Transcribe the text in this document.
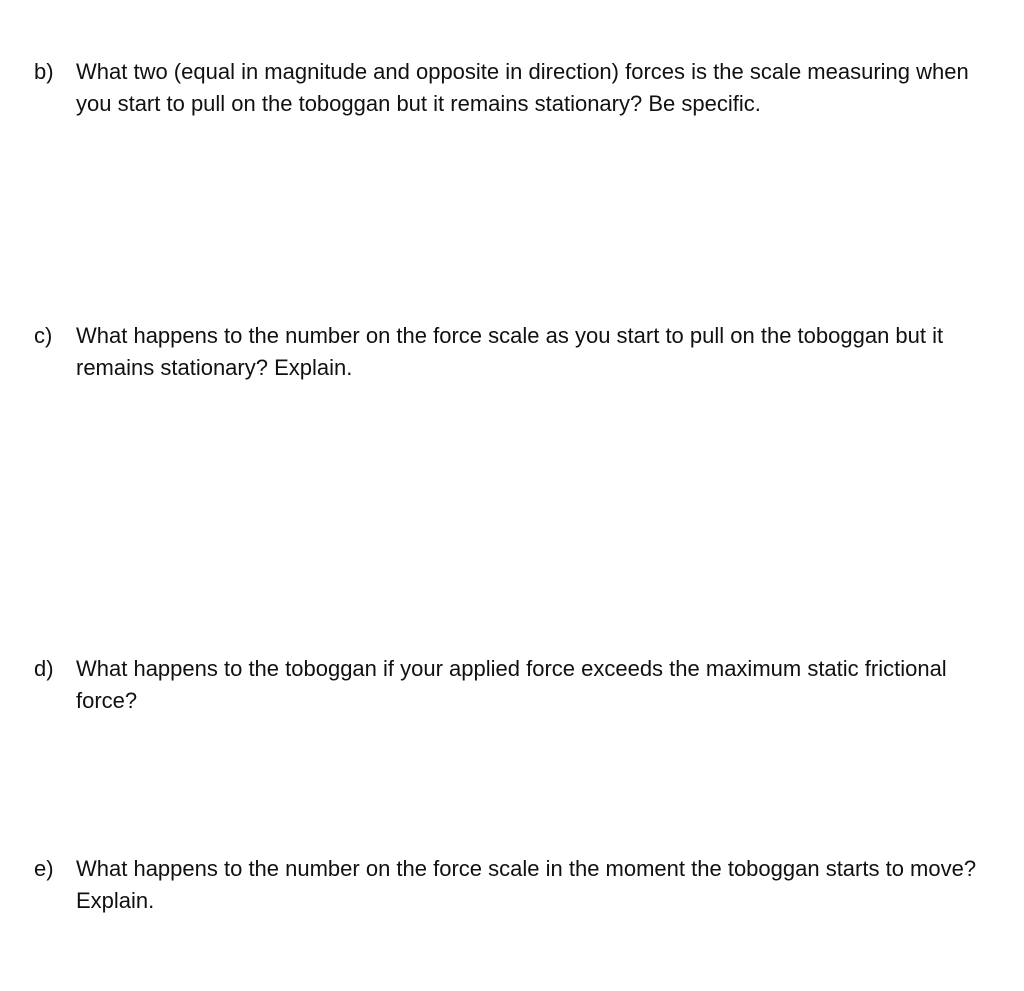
b)	What two (equal in magnitude and opposite in direction) forces is the scale measuring when you start to pull on the toboggan but it remains stationary? Be specific.
c)	What happens to the number on the force scale as you start to pull on the toboggan but it remains stationary? Explain.
d)	What happens to the toboggan if your applied force exceeds the maximum static frictional force?
e)	What happens to the number on the force scale in the moment the toboggan starts to move? Explain.
